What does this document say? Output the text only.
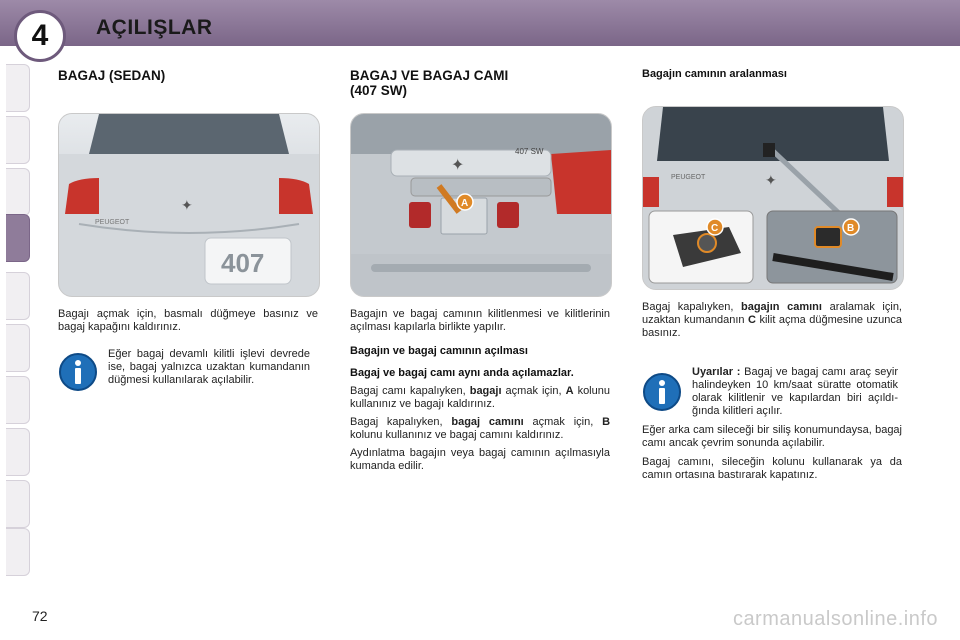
4	AÇILIŞLAR
BAGAJ (SEDAN)
✦
PEUGEOT
407
Bagajı açmak için, basmalı düğmeye basınız ve bagaj kapağını kaldırınız.
Eğer bagaj devamlı kilitli işlevi devrede ise, bagaj yalnızca uzaktan kumandanın düğmesi kullanılarak açılabilir.
BAGAJ VE BAGAJ CAMI
(407 SW)
✦
407 SW
A
Bagajın ve bagaj camının kilitlenmesi ve kilitlerinin açılması kapılarla birlikte yapılır.
Bagajın ve bagaj camının açılması
Bagaj ve bagaj camı aynı anda açılamazlar.
Bagaj camı kapalıyken, bagajı açmak için, A kolunu kullanınız ve bagajı kaldırınız.
Bagaj kapalıyken, bagaj camını açmak için, B kolunu kullanınız ve bagaj camını kaldırınız.
Aydınlatma bagajın veya bagaj camının açılmasıyla kumanda edilir.
Bagajın camının aralanması
PEUGEOT	✦
C	B
Bagaj kapalıyken, bagajın camını aralamak için, uzaktan kumandanın C kilit açma düğmesine uzunca basınız.
Uyarılar : Bagaj ve bagaj camı araç seyir halindeyken 10 km/saat süratte otomatik olarak kilitlenir ve kapılardan biri açıldığında kilitleri açılır.
Eğer arka cam sileceği bir siliş konumundaysa, bagaj camı ancak çevrim sonunda açılabilir.
Bagaj camını, sileceğin kolunu kullanarak ya da camın ortasına bastırarak kapatınız.
72	carmanualsonline.info
